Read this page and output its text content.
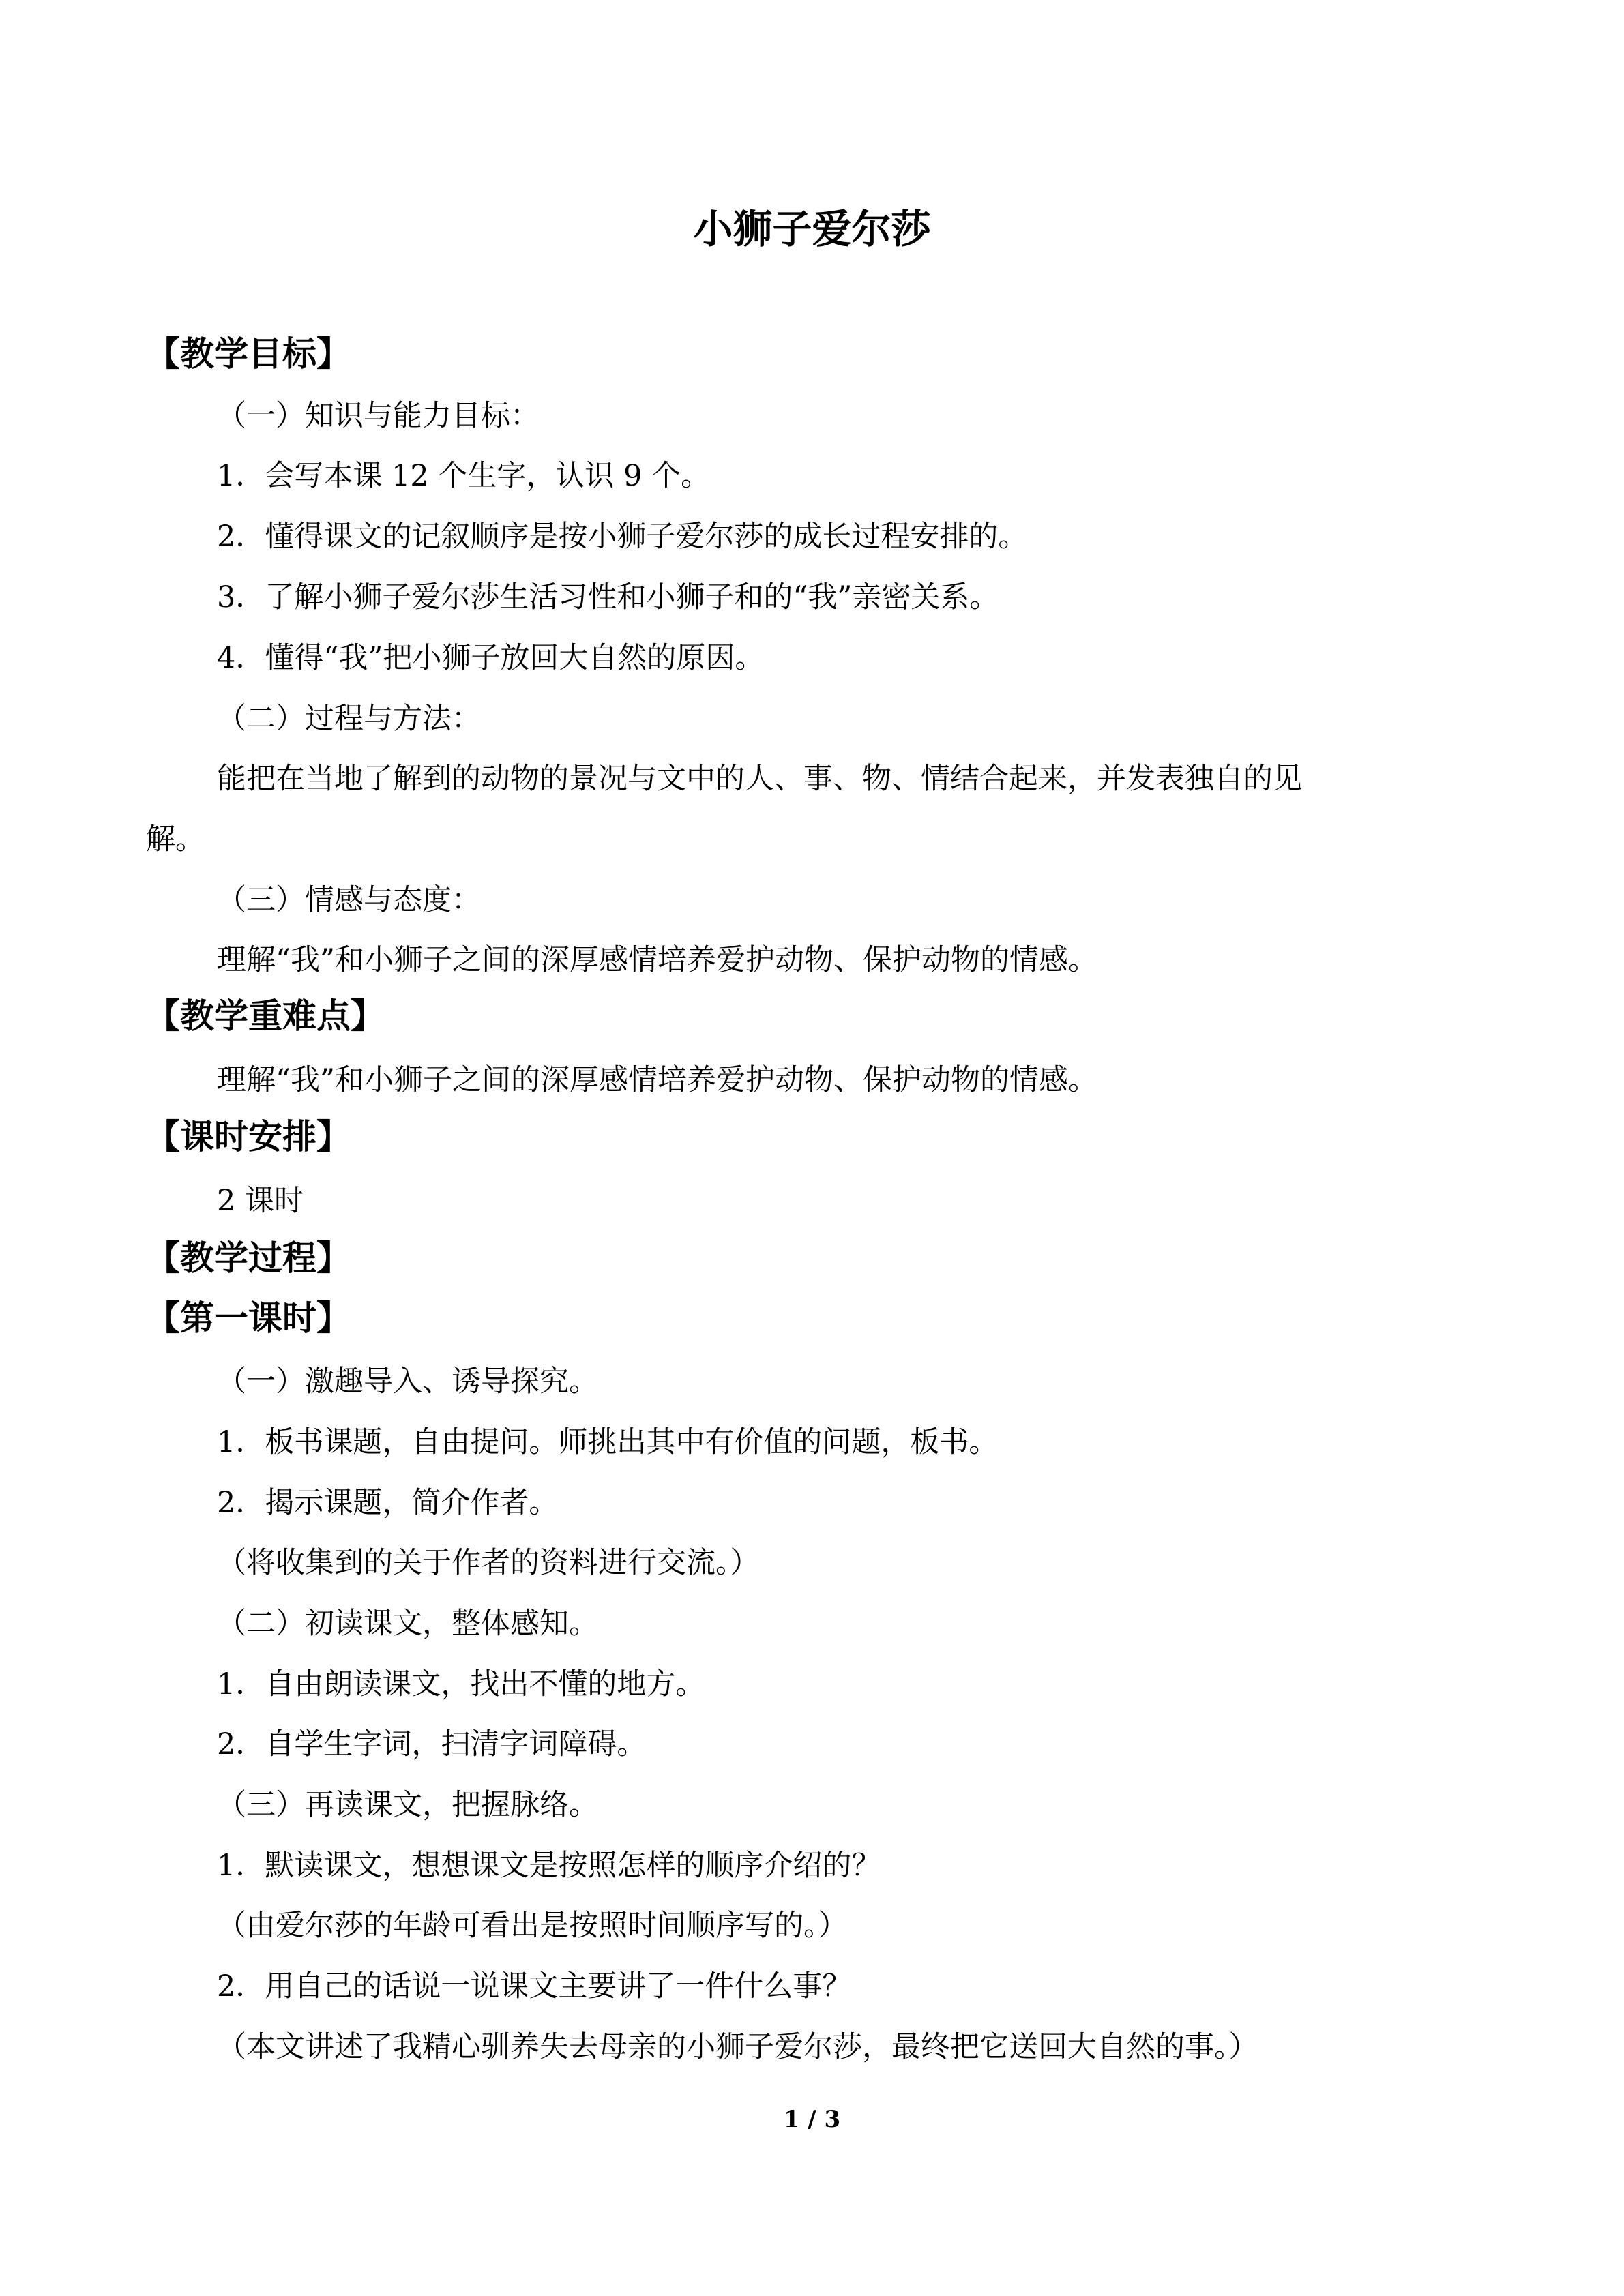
小狮子爱尔莎
【教学目标】
（一）知识与能力目标：
1．会写本课 12 个生字，认识 9 个。
2．懂得课文的记叙顺序是按小狮子爱尔莎的成长过程安排的。
3．了解小狮子爱尔莎生活习性和小狮子和的“我”亲密关系。
4．懂得“我”把小狮子放回大自然的原因。
（二）过程与方法：
能把在当地了解到的动物的景况与文中的人、事、物、情结合起来，并发表独自的见
解。
（三）情感与态度：
理解“我”和小狮子之间的深厚感情培养爱护动物、保护动物的情感。
【教学重难点】
理解“我”和小狮子之间的深厚感情培养爱护动物、保护动物的情感。
【课时安排】
2 课时
【教学过程】
【第一课时】
（一）激趣导入、诱导探究。
1．板书课题，自由提问。师挑出其中有价值的问题，板书。
2．揭示课题，简介作者。
（将收集到的关于作者的资料进行交流。）
（二）初读课文，整体感知。
1．自由朗读课文，找出不懂的地方。
2．自学生字词，扫清字词障碍。
（三）再读课文，把握脉络。
1．默读课文，想想课文是按照怎样的顺序介绍的？
（由爱尔莎的年龄可看出是按照时间顺序写的。）
2．用自己的话说一说课文主要讲了一件什么事？
（本文讲述了我精心驯养失去母亲的小狮子爱尔莎，最终把它送回大自然的事。）
1 / 3
